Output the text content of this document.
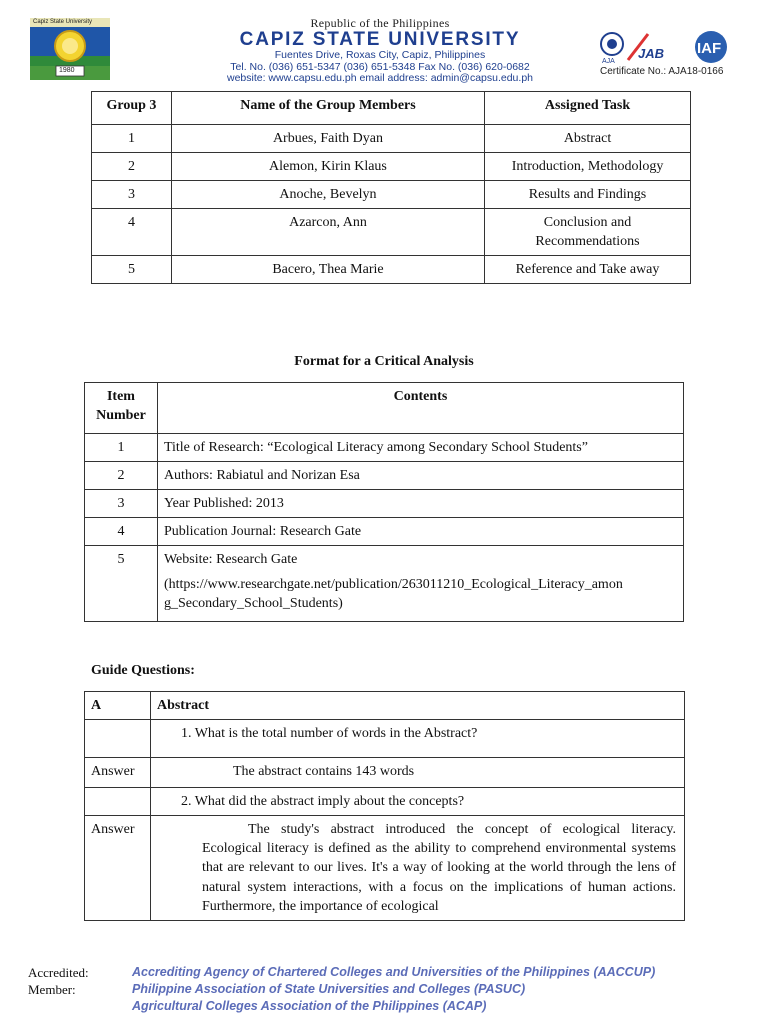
Capiz State University
1980
Republic of the Philippines
CAPIZ STATE UNIVERSITY
Fuentes Drive, Roxas City, Capiz, Philippines
Tel. No. (036) 651-5347 (036) 651-5348 Fax No. (036) 620-0682
website: www.capsu.edu.ph email address: admin@capsu.edu.ph
AJA
JAB IAF
Certificate No.: AJA18-0166
Group 3	Name of the Group Members	Assigned Task
1	Arbues, Faith Dyan	Abstract
2	Alemon, Kirin Klaus	Introduction, Methodology
3	Anoche, Bevelyn	Results and Findings
4	Azarcon, Ann	Conclusion and Recommendations
5	Bacero, Thea Marie	Reference and Take away
Format for a Critical Analysis
Item Number	Contents
1	Title of Research: “Ecological Literacy among Secondary School Students”
2	Authors: Rabiatul and Norizan Esa
3	Year Published: 2013
4	Publication Journal: Research Gate
5	Website: Research Gate
(https://www.researchgate.net/publication/263011210_Ecological_Literacy_among_Secondary_School_Students)
Guide Questions:
A	Abstract

	1. What is the total number of words in the Abstract?

Answer	The abstract contains 143 words

	2. What did the abstract imply about the concepts?

Answer	The study's abstract introduced the concept of ecological literacy. Ecological literacy is defined as the ability to comprehend environmental systems that are relevant to our lives. It's a way of looking at the world through the lens of natural system interactions, with a focus on the implications of human actions. Furthermore, the importance of ecological
Accredited:
Member:
Accrediting Agency of Chartered Colleges and Universities of the Philippines (AACCUP)
Philippine Association of State Universities and Colleges (PASUC)
Agricultural Colleges Association of the Philippines (ACAP)
